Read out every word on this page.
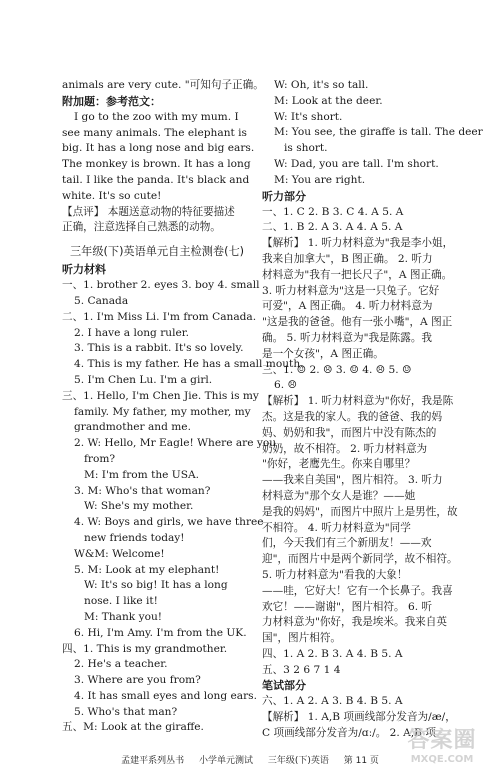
animals are very cute. "可知句子正确。
附加题：参考范文：
I go to the zoo with my mum. I
see many animals. The elephant is
big. It has a long nose and big ears.
The monkey is brown. It has a long
tail. I like the panda. It's black and
white. It's so cute!
【点评】 本题送意动物的特征要描述
正确，注意选择自己熟悉的动物。
三年级(下)英语单元自主检测卷(七)
听力材料
一、1. brother 2. eyes 3. boy 4. small
5. Canada
二、1. I'm Miss Li. I'm from Canada.
2. I have a long ruler.
3. This is a rabbit. It's so lovely.
4. This is my father. He has a small mouth.
5. I'm Chen Lu. I'm a girl.
三、1. Hello, I'm Chen Jie. This is my
family. My father, my mother, my
grandmother and me.
2. W: Hello, Mr Eagle! Where are you
from?
M: I'm from the USA.
3. M: Who's that woman?
W: She's my mother.
4. W: Boys and girls, we have three
new friends today!
W&M: Welcome!
5. M: Look at my elephant!
W: It's so big! It has a long
nose. I like it!
M: Thank you!
6. Hi, I'm Amy. I'm from the UK.
四、1. This is my grandmother.
2. He's a teacher.
3. Where are you from?
4. It has small eyes and long ears.
5. Who's that man?
五、M: Look at the giraffe.
W: Oh, it's so tall.
M: Look at the deer.
W: It's short.
M: You see, the giraffe is tall. The deer
is short.
W: Dad, you are tall. I'm short.
M: You are right.
听力部分
一、1. C 2. B 3. C 4. A 5. A
二、1. B 2. A 3. A 4. A 5. A
【解析】 1. 听力材料意为"我是李小姐，
我来自加拿大"，B 图正确。 2. 听力
材料意为"我有一把长尺子"，A 图正确。
3. 听力材料意为"这是一只兔子。它好
可爱"，A 图正确。 4. 听力材料意为
"这是我的爸爸。他有一张小嘴"，A 图正
确。 5. 听力材料意为"我是陈露。我
是一个女孩"，A 图正确。
三、1. ☺ 2. ☹ 3. ☺ 4. ☹ 5. ☺
6. ☹
【解析】 1. 听力材料意为"你好，我是陈
杰。这是我的家人。我的爸爸、我的妈
妈、奶奶和我"，而图片中没有陈杰的
奶奶，故不相符。 2. 听力材料意为
"你好，老鹰先生。你来自哪里？
——我来自美国"，图片相符。 3. 听力
材料意为"那个女人是谁？——她
是我的妈妈"，而图片中照片上是男性，故
不相符。 4. 听力材料意为"同学
们，今天我们有三个新朋友！——欢
迎"，而图片中是两个新同学，故不相符。
5. 听力材料意为"看我的大象！
——哇，它好大！它有一个长鼻子。我喜
欢它！——谢谢"，图片相符。 6. 听
力材料意为"你好，我是埃米。我来自英
国"，图片相符。
四、1. A 2. B 3. A 4. B 5. A
五、3 2 6 7 1 4
笔试部分
六、1. A 2. A 3. B 4. B 5. A
【解析】 1. A,B 项画线部分发音为/æ/，
C 项画线部分发音为/ɑː/。 2. A,B 项
孟建平系列丛书 小学单元测试 三年级(下)英语 第 11 页
答案圈
MXQE.COM
